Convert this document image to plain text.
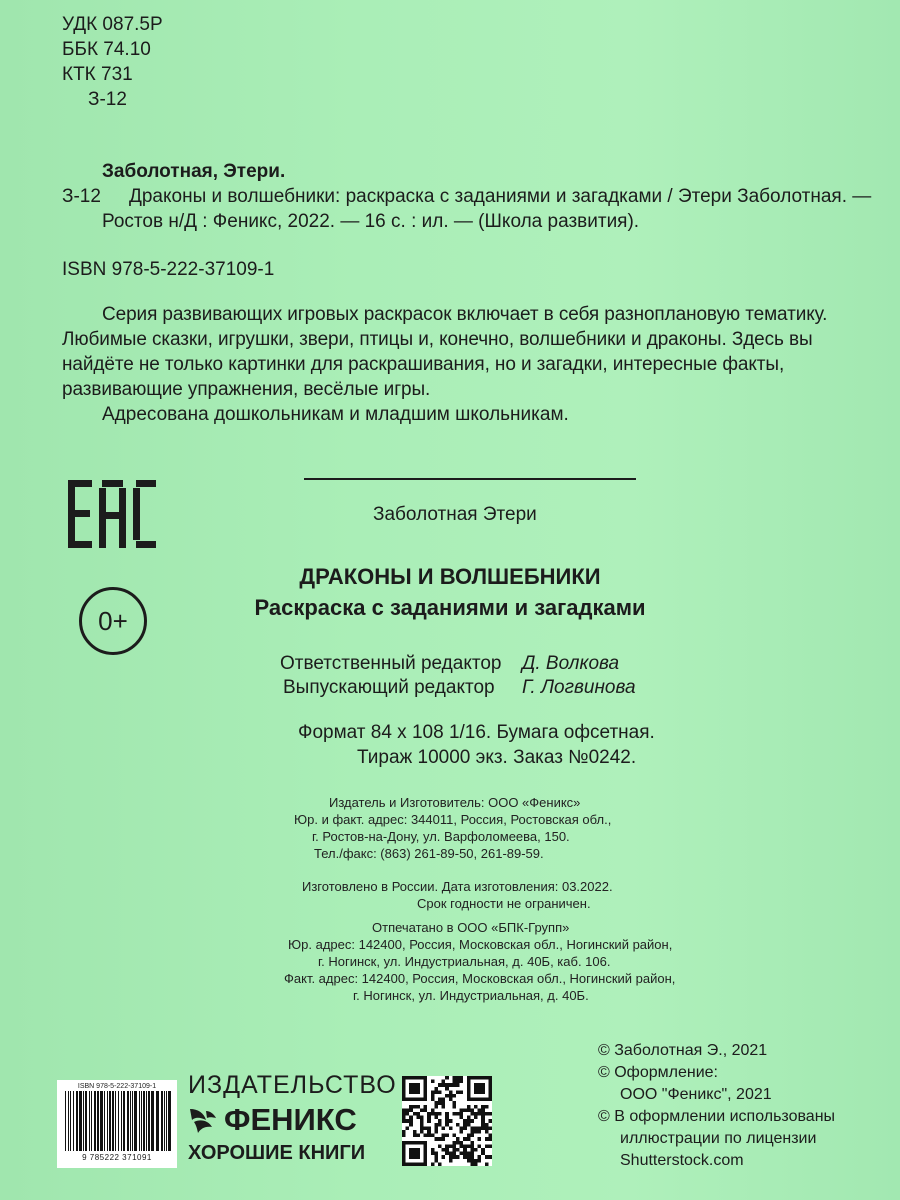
УДК 087.5Р
ББК 74.10
КТК 731
З-12
Заболотная, Этери.
З-12 Драконы и волшебники: раскраска с заданиями и загадками / Этери Заболотная. —
Ростов н/Д : Феникс, 2022. — 16 с. : ил. — (Школа развития).
ISBN 978-5-222-37109-1

Серия развивающих игровых раскрасок включает в себя разноплановую тематику. Любимые сказки, игрушки, звери, птицы и, конечно, волшебники и драконы. Здесь вы найдёте не только картинки для раскрашивания, но и загадки, интересные факты, развивающие упражнения, весёлые игры.

Адресована дошкольникам и младшим школьникам.

0+
Заболотная Этери
ДРАКОНЫ И ВОЛШЕБНИКИ
Раскраска с заданиями и загадками
Ответственный редактор Д. Волкова
Выпускающий редактор Г. Логвинова
Формат 84 х 108 1/16. Бумага офсетная.
Тираж 10000 экз. Заказ №0242.
Издатель и Изготовитель: ООО «Феникс»
Юр. и факт. адрес: 344011, Россия, Ростовская обл.,
г. Ростов-на-Дону, ул. Варфоломеева, 150.
Тел./факс: (863) 261-89-50, 261-89-59.
Изготовлено в России. Дата изготовления: 03.2022.
Срок годности не ограничен.
Отпечатано в ООО «БПК-Групп»
Юр. адрес: 142400, Россия, Московская обл., Ногинский район,
г. Ногинск, ул. Индустриальная, д. 40Б, каб. 106.
Факт. адрес: 142400, Россия, Московская обл., Ногинский район,
г. Ногинск, ул. Индустриальная, д. 40Б.
© Заболотная Э., 2021
© Оформление:
ООО "Феникс", 2021
© В оформлении использованы
иллюстрации по лицензии
Shutterstock.com
ISBN 978-5-222-37109-1
9 785222 371091
ИЗДАТЕЛЬСТВО
ФЕНИКС
ХОРОШИЕ КНИГИ
